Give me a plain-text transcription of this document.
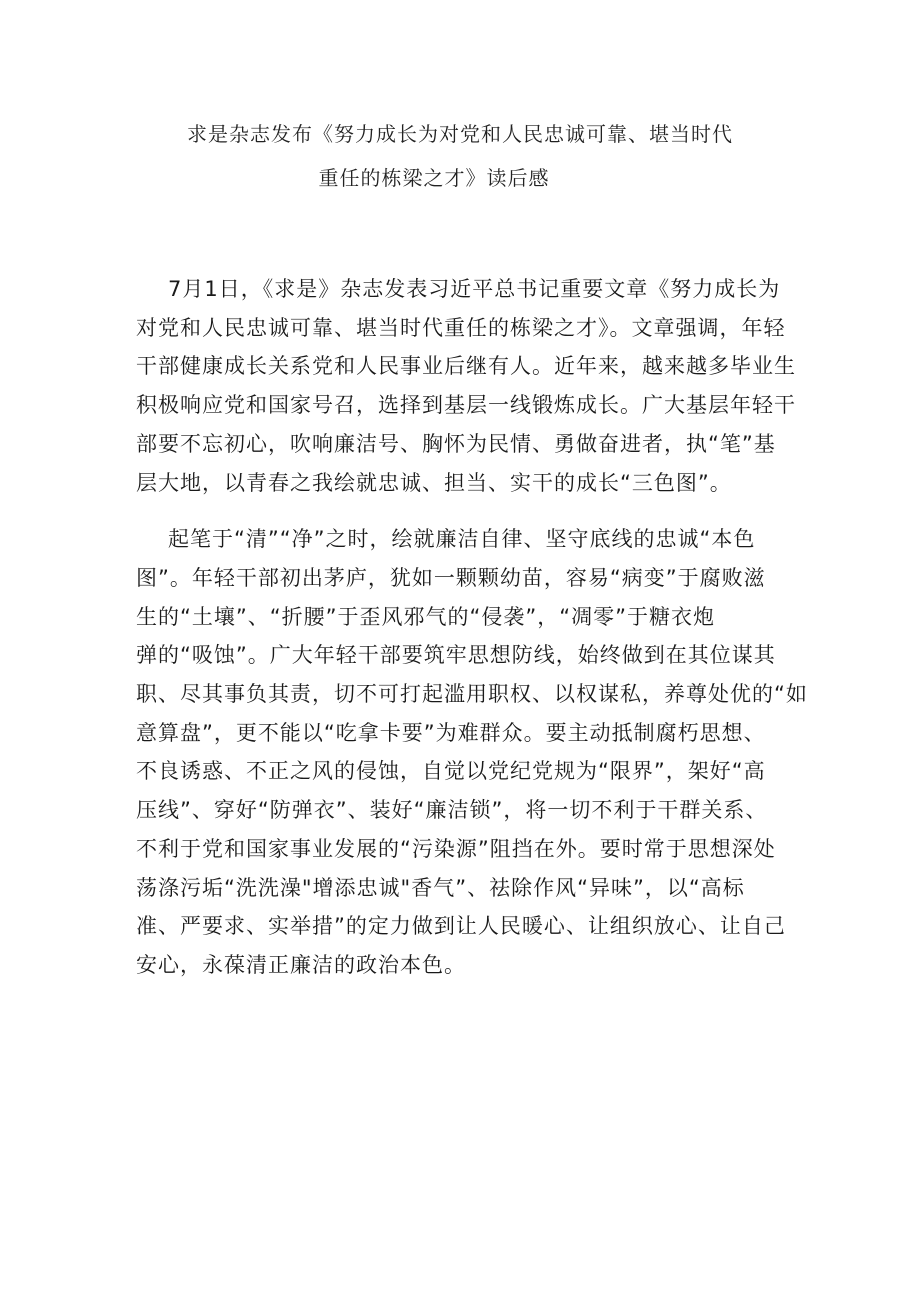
求是杂志发布《努力成长为对党和人民忠诚可靠、堪当时代
重任的栋梁之才》读后感
7月1日，《求是》杂志发表习近平总书记重要文章《努力成长为
对党和人民忠诚可靠、堪当时代重任的栋梁之才》。文章强调，年轻
干部健康成长关系党和人民事业后继有人。近年来，越来越多毕业生
积极响应党和国家号召，选择到基层一线锻炼成长。广大基层年轻干
部要不忘初心，吹响廉洁号、胸怀为民情、勇做奋进者，执“笔”基
层大地，以青春之我绘就忠诚、担当、实干的成长“三色图”。
起笔于“清”“净”之时，绘就廉洁自律、坚守底线的忠诚“本色
图”。年轻干部初出茅庐，犹如一颗颗幼苗，容易“病变”于腐败滋
生的“土壤”、“折腰”于歪风邪气的“侵袭”，“凋零”于糖衣炮
弹的“吸蚀”。广大年轻干部要筑牢思想防线，始终做到在其位谋其
职、尽其事负其责，切不可打起滥用职权、以权谋私，养尊处优的“如
意算盘”，更不能以“吃拿卡要”为难群众。要主动抵制腐朽思想、
不良诱惑、不正之风的侵蚀，自觉以党纪党规为“限界”，架好“高
压线”、穿好“防弹衣”、装好“廉洁锁”，将一切不利于干群关系、
不利于党和国家事业发展的“污染源”阻挡在外。要时常于思想深处
荡涤污垢“洗洗澡"增添忠诚"香气”、祛除作风“异味”，以“高标
准、严要求、实举措”的定力做到让人民暖心、让组织放心、让自己
安心，永葆清正廉洁的政治本色。
